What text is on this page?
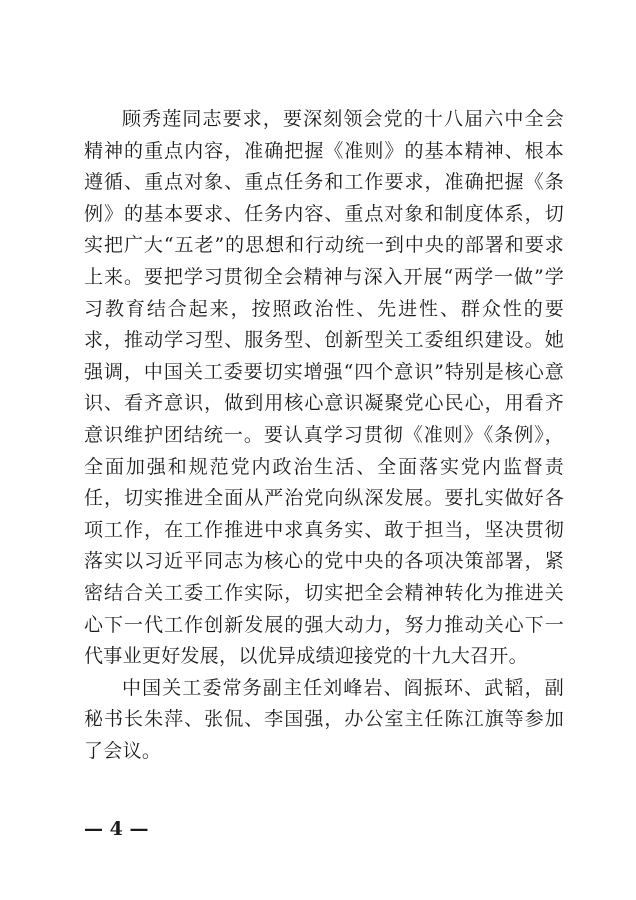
顾秀莲同志要求，要深刻领会党的十八届六中全会精神的重点内容，准确把握《准则》的基本精神、根本遵循、重点对象、重点任务和工作要求，准确把握《条例》的基本要求、任务内容、重点对象和制度体系，切实把广大“五老”的思想和行动统一到中央的部署和要求上来。要把学习贯彻全会精神与深入开展“两学一做”学习教育结合起来，按照政治性、先进性、群众性的要求，推动学习型、服务型、创新型关工委组织建设。她强调，中国关工委要切实增强“四个意识”特别是核心意识、看齐意识，做到用核心意识凝聚党心民心，用看齐意识维护团结统一。要认真学习贯彻《准则》《条例》，全面加强和规范党内政治生活、全面落实党内监督责任，切实推进全面从严治党向纵深发展。要扎实做好各项工作，在工作推进中求真务实、敢于担当，坚决贯彻落实以习近平同志为核心的党中央的各项决策部署，紧密结合关工委工作实际，切实把全会精神转化为推进关心下一代工作创新发展的强大动力，努力推动关心下一代事业更好发展，以优异成绩迎接党的十九大召开。

中国关工委常务副主任刘峰岩、阎振环、武韬，副秘书长朱萍、张侃、李国强，办公室主任陈江旗等参加了会议。

— 4 —
